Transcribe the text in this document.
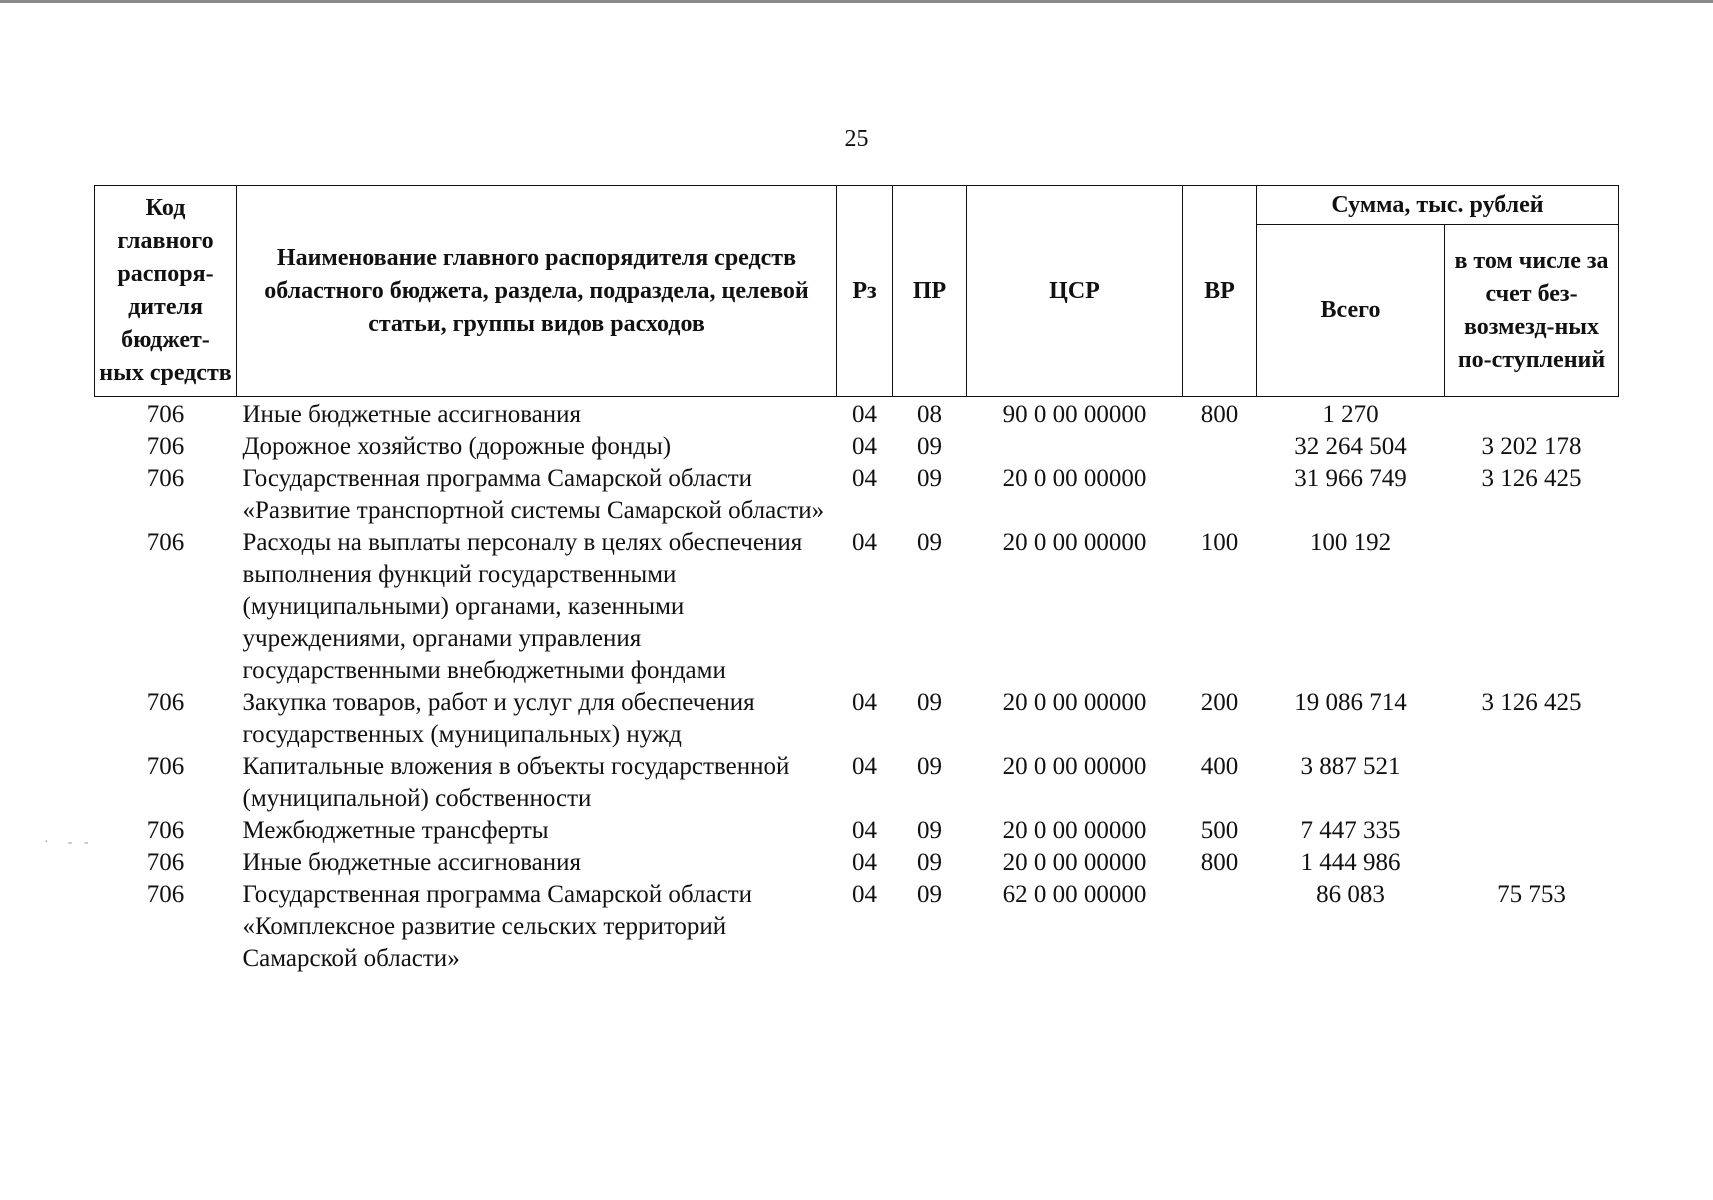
25
·  ‐ ‐
Код главного распоря-дителя бюджет-ных средств	Наименование главного распорядителя средств областного бюджета, раздела, подраздела, целевой статьи, группы видов расходов	Рз	ПР	ЦСР	ВР	Сумма, тыс. рублей	
						Всего	в том числе за счет без-возмезд-ных по-ступлений
706	Иные бюджетные ассигнования	04	08	90 0 00 00000	800	1 270	
706	Дорожное хозяйство (дорожные фонды)	04	09			32 264 504	3 202 178
706	Государственная программа Самарской области «Развитие транспортной системы Самарской области»	04	09	20 0 00 00000		31 966 749	3 126 425
706	Расходы на выплаты персоналу в целях обеспечения выполнения функций государственными (муниципальными) органами, казенными учреждениями, органами управления государственными внебюджетными фондами	04	09	20 0 00 00000	100	100 192	
706	Закупка товаров, работ и услуг для обеспечения государственных (муниципальных) нужд	04	09	20 0 00 00000	200	19 086 714	3 126 425
706	Капитальные вложения в объекты государственной (муниципальной) собственности	04	09	20 0 00 00000	400	3 887 521	
706	Межбюджетные трансферты	04	09	20 0 00 00000	500	7 447 335	
706	Иные бюджетные ассигнования	04	09	20 0 00 00000	800	1 444 986	
706	Государственная программа Самарской области «Комплексное развитие сельских территорий Самарской области»	04	09	62 0 00 00000		86 083	75 753
